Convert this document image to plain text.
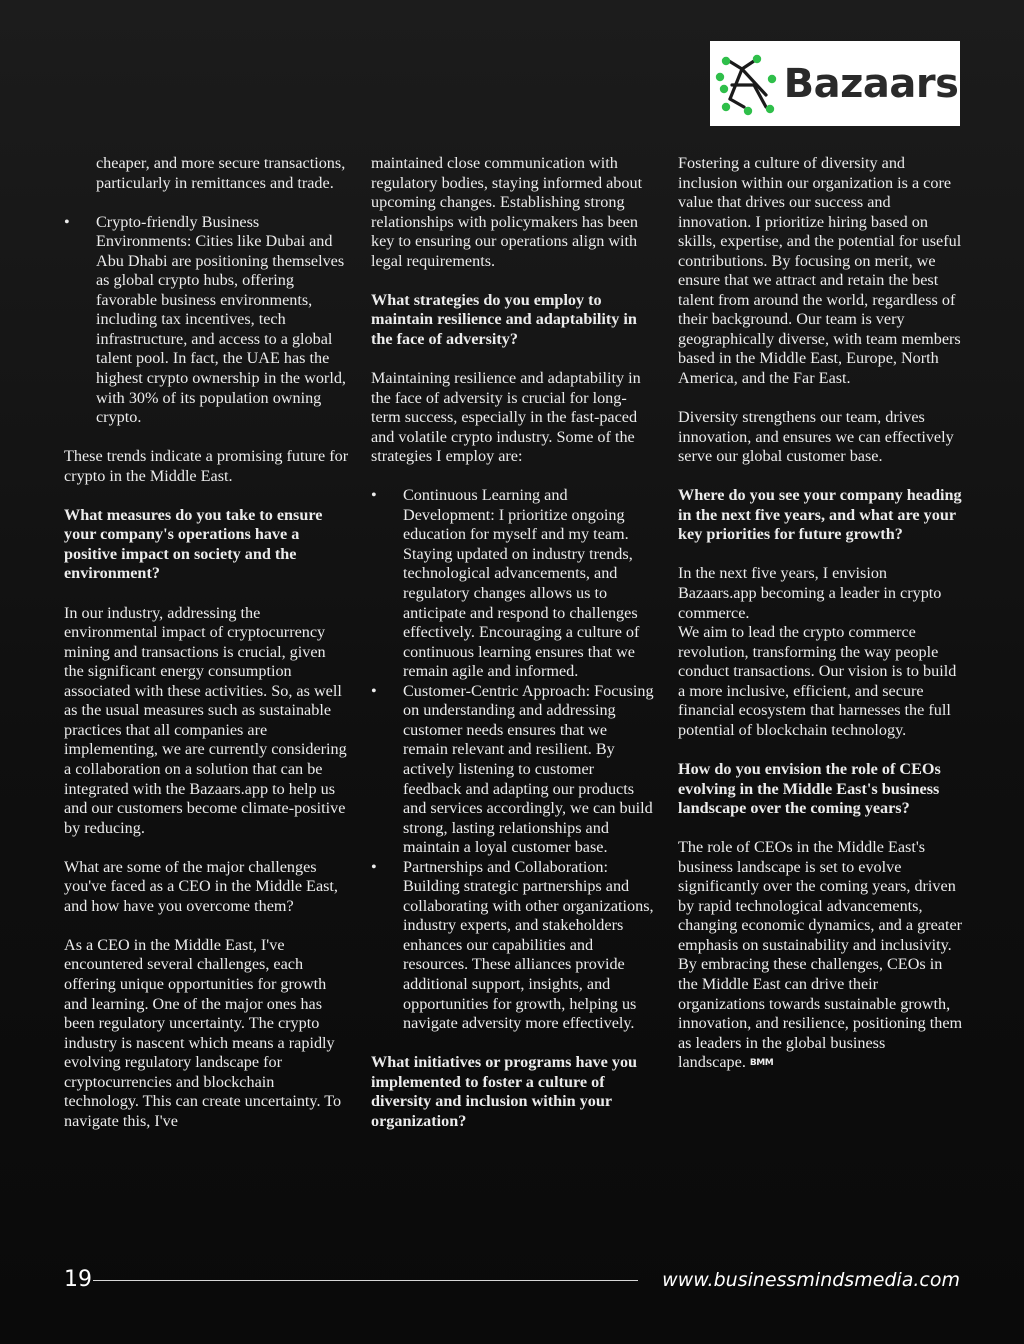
Bazaars

cheaper, and more secure transactions, particularly in remittances and trade.

• Crypto-friendly Business Environments: Cities like Dubai and Abu Dhabi are positioning themselves as global crypto hubs, offering favorable business environments, including tax incentives, tech infrastructure, and access to a global talent pool. In fact, the UAE has the highest crypto ownership in the world, with 30% of its population owning crypto.

These trends indicate a promising future for crypto in the Middle East.

What measures do you take to ensure your company's operations have a positive impact on society and the environment?

In our industry, addressing the environmental impact of cryptocurrency mining and transactions is crucial, given the significant energy consumption associated with these activities. So, as well as the usual measures such as sustainable practices that all companies are implementing, we are currently considering a collaboration on a solution that can be integrated with the Bazaars.app to help us and our customers become climate-positive by reducing.

What are some of the major challenges you've faced as a CEO in the Middle East, and how have you overcome them?

As a CEO in the Middle East, I've encountered several challenges, each offering unique opportunities for growth and learning. One of the major ones has been regulatory uncertainty. The crypto industry is nascent which means a rapidly evolving regulatory landscape for cryptocurrencies and blockchain technology. This can create uncertainty. To navigate this, I've

maintained close communication with regulatory bodies, staying informed about upcoming changes. Establishing strong relationships with policymakers has been key to ensuring our operations align with legal requirements.

What strategies do you employ to maintain resilience and adaptability in the face of adversity?

Maintaining resilience and adaptability in the face of adversity is crucial for long-term success, especially in the fast-paced and volatile crypto industry. Some of the strategies I employ are:

• Continuous Learning and Development: I prioritize ongoing education for myself and my team. Staying updated on industry trends, technological advancements, and regulatory changes allows us to anticipate and respond to challenges effectively. Encouraging a culture of continuous learning ensures that we remain agile and informed.
• Customer-Centric Approach: Focusing on understanding and addressing customer needs ensures that we remain relevant and resilient. By actively listening to customer feedback and adapting our products and services accordingly, we can build strong, lasting relationships and maintain a loyal customer base.
• Partnerships and Collaboration: Building strategic partnerships and collaborating with other organizations, industry experts, and stakeholders enhances our capabilities and resources. These alliances provide additional support, insights, and opportunities for growth, helping us navigate adversity more effectively.

What initiatives or programs have you implemented to foster a culture of diversity and inclusion within your organization?

Fostering a culture of diversity and inclusion within our organization is a core value that drives our success and innovation. I prioritize hiring based on skills, expertise, and the potential for useful contributions. By focusing on merit, we ensure that we attract and retain the best talent from around the world, regardless of their background. Our team is very geographically diverse, with team members based in the Middle East, Europe, North America, and the Far East.

Diversity strengthens our team, drives innovation, and ensures we can effectively serve our global customer base.

Where do you see your company heading in the next five years, and what are your key priorities for future growth?

In the next five years, I envision Bazaars.app becoming a leader in crypto commerce.

We aim to lead the crypto commerce revolution, transforming the way people conduct transactions. Our vision is to build a more inclusive, efficient, and secure financial ecosystem that harnesses the full potential of blockchain technology.

How do you envision the role of CEOs evolving in the Middle East's business landscape over the coming years?

The role of CEOs in the Middle East's business landscape is set to evolve significantly over the coming years, driven by rapid technological advancements, changing economic dynamics, and a greater emphasis on sustainability and inclusivity.

By embracing these challenges, CEOs in the Middle East can drive their organizations towards sustainable growth, innovation, and resilience, positioning them as leaders in the global business landscape. BMM

19	www.businessmindsmedia.com
